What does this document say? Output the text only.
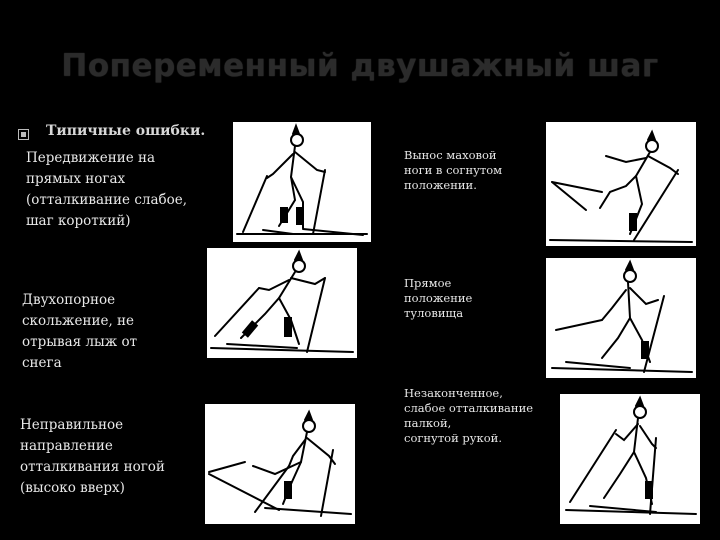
Попеременный двушажный шаг
Типичные ошибки.
Передвижение на
прямых ногах
(отталкивание слабое,
шаг короткий)
Двухопорное
скольжение, не
отрывая лыж от
снега
Неправильное
направление
отталкивания ногой
(высоко вверх)
Вынос маховой
ноги в согнутом
положении.
Прямое
положение
туловища
Незаконченное,
слабое отталкивание
палкой,
согнутой рукой.
